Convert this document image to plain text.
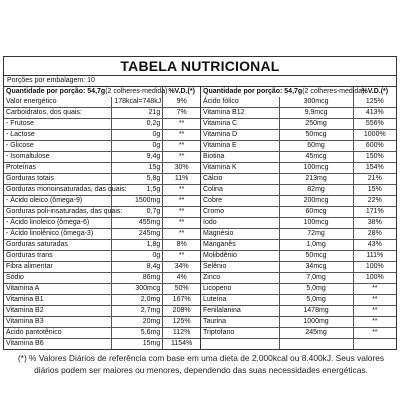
TABELA NUTRICIONAL
Porções por embalagem: 10
Quantidade por porção: 54,7g(2 colheres-medida)		%V.D.(*)
Valor energético	178kcal=748kJ	9%
Carboidratos, dos quais:	21g	7%
- Frutose	0,2g	**
- Lactose	0g	**
- Glicose	0g	**
- Isomaltulose	9,4g	**
Proteínas	15g	30%
Gorduras totais	5,8g	11%
Gorduras monoinsaturadas, das quais:	1,5g	**
- Ácido oleico (ômega-9)	1500mg	**
Gorduras poli-insaturadas, das quais:	0,7g	**
- Ácido linoleico (ômega-6)	455mg	**
- Ácido linolênico (ômega-3)	245mg	**
Gorduras saturadas	1,8g	8%
Gorduras trans	0g	**
Fibra alimentar	8,4g	34%
Sódio	86mg	4%
Vitamina A	300mcg	50%
Vitamina B1	2,0mg	167%
Vitamina B2	2,7mg	208%
Vitamina B3	20mg	125%
Ácido pantotênico	5,6mg	112%
Vitamina B6	15mg	1154%
Quantidade por porção: 54,7g(2 colheres-medida)		%V.D.(*)
Ácido fólico	300mcg	125%
Vitamina B12	9,9mcg	413%
Vitamina C	250mg	556%
Vitamina D	50mcg	1000%
Vitamina E	60mg	600%
Biotina	45mcg	150%
Vitamina K	100mcg	154%
Cálcio	213mg	21%
Colina	82mg	15%
Cobre	200mcg	22%
Cromo	60mcg	171%
Iodo	100mcg	38%
Magnésio	72mg	28%
Manganês	1,0mg	43%
Molibdênio	50mcg	111%
Selênio	34mcg	100%
Zinco	7,0mg	100%
Licopeno	5,0mg	**
Luteína	5,0mg	**
Fenilalanina	1478mg	**
Taurina	1000mg	**
Triptofano	245mg	**

(*) % Valores Diários de referência com base em uma dieta de 2.000kcal ou 8.400kJ. Seus valores diários podem ser maiores ou menores, dependendo das suas necessidades energéticas.
